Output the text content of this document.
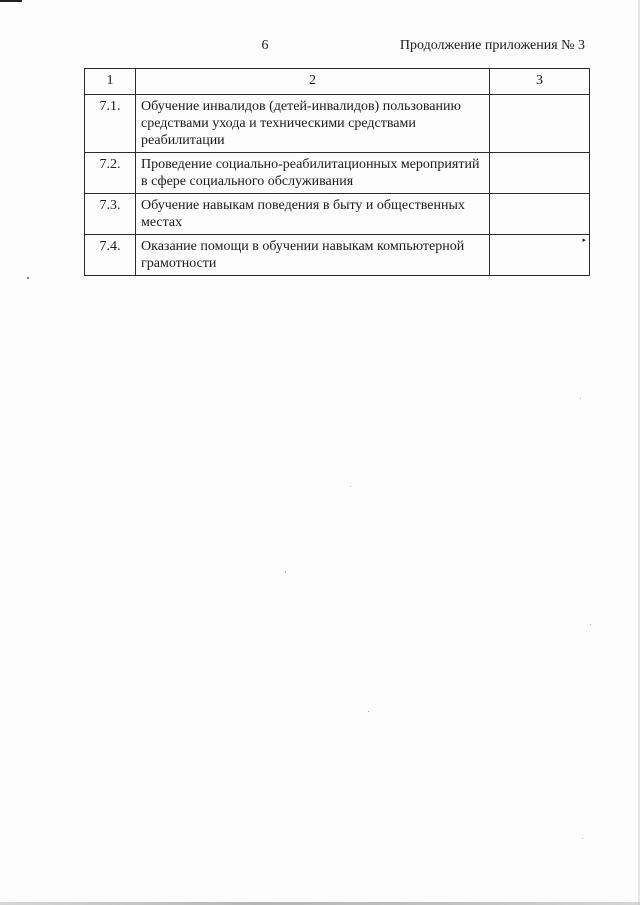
6	Продолжение приложения № 3
1	2	3
7.1.	Обучение инвалидов (детей-инвалидов) пользованию средствами ухода и техническими средствами реабилитации	
7.2.	Проведение социально-реабилитационных мероприятий в сфере социального обслуживания	
7.3.	Обучение навыкам поведения в быту и общественных местах	
7.4.	Оказание помощи в обучении навыкам компьютерной грамотности	▸
